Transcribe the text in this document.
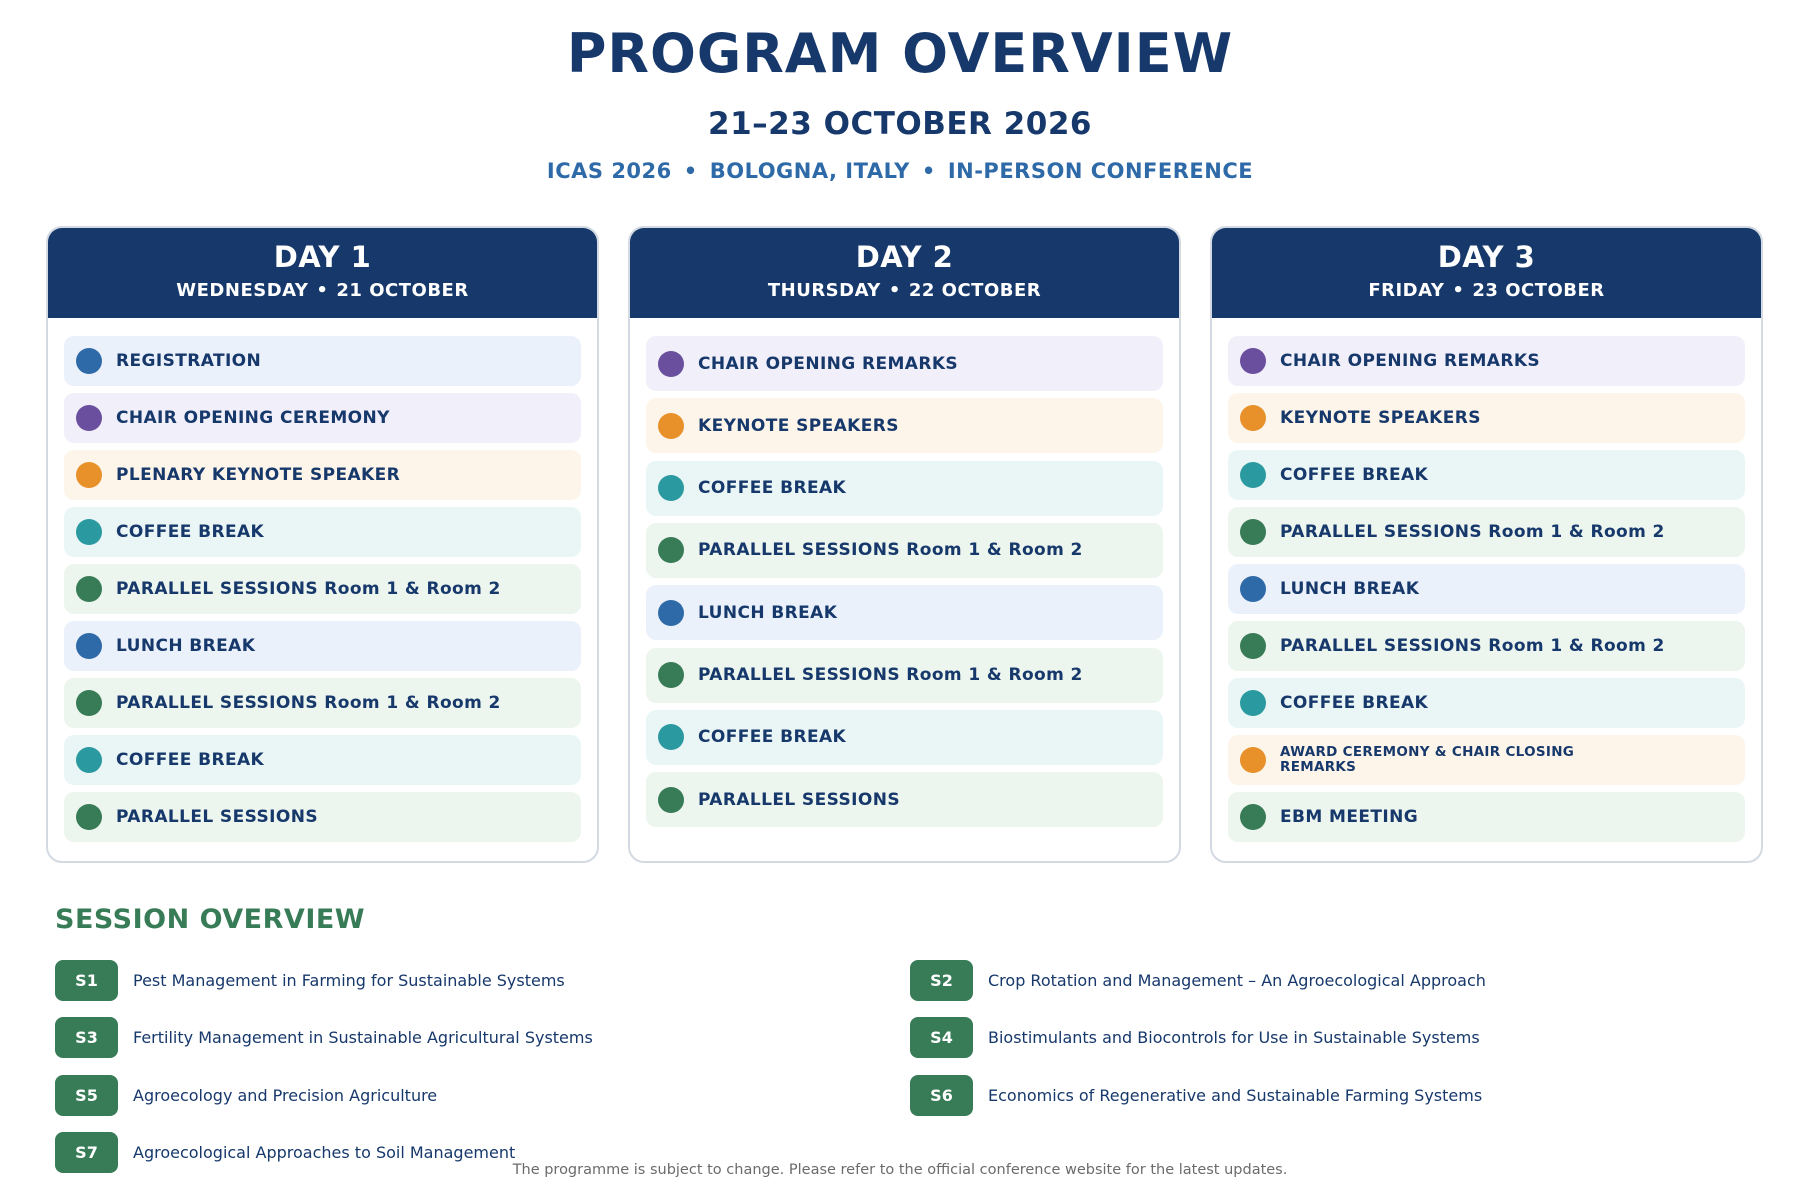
PROGRAM OVERVIEW
21–23 OCTOBER 2026
ICAS 2026 • BOLOGNA, ITALY • IN-PERSON CONFERENCE
DAY 1
WEDNESDAY • 21 OCTOBER
REGISTRATION
CHAIR OPENING CEREMONY
PLENARY KEYNOTE SPEAKER
COFFEE BREAK
PARALLEL SESSIONS Room 1 & Room 2
LUNCH BREAK
PARALLEL SESSIONS Room 1 & Room 2
COFFEE BREAK
PARALLEL SESSIONS
DAY 2
THURSDAY • 22 OCTOBER
CHAIR OPENING REMARKS
KEYNOTE SPEAKERS
COFFEE BREAK
PARALLEL SESSIONS Room 1 & Room 2
LUNCH BREAK
PARALLEL SESSIONS Room 1 & Room 2
COFFEE BREAK
PARALLEL SESSIONS
DAY 3
FRIDAY • 23 OCTOBER
CHAIR OPENING REMARKS
KEYNOTE SPEAKERS
COFFEE BREAK
PARALLEL SESSIONS Room 1 & Room 2
LUNCH BREAK
PARALLEL SESSIONS Room 1 & Room 2
COFFEE BREAK
AWARD CEREMONY & CHAIR CLOSING REMARKS
EBM MEETING
SESSION OVERVIEW
S1	Pest Management in Farming for Sustainable Systems	S2	Crop Rotation and Management – An Agroecological Approach
S3	Fertility Management in Sustainable Agricultural Systems	S4	Biostimulants and Biocontrols for Use in Sustainable Systems
S5	Agroecology and Precision Agriculture	S6	Economics of Regenerative and Sustainable Farming Systems
S7	Agroecological Approaches to Soil Management
The programme is subject to change. Please refer to the official conference website for the latest updates.
